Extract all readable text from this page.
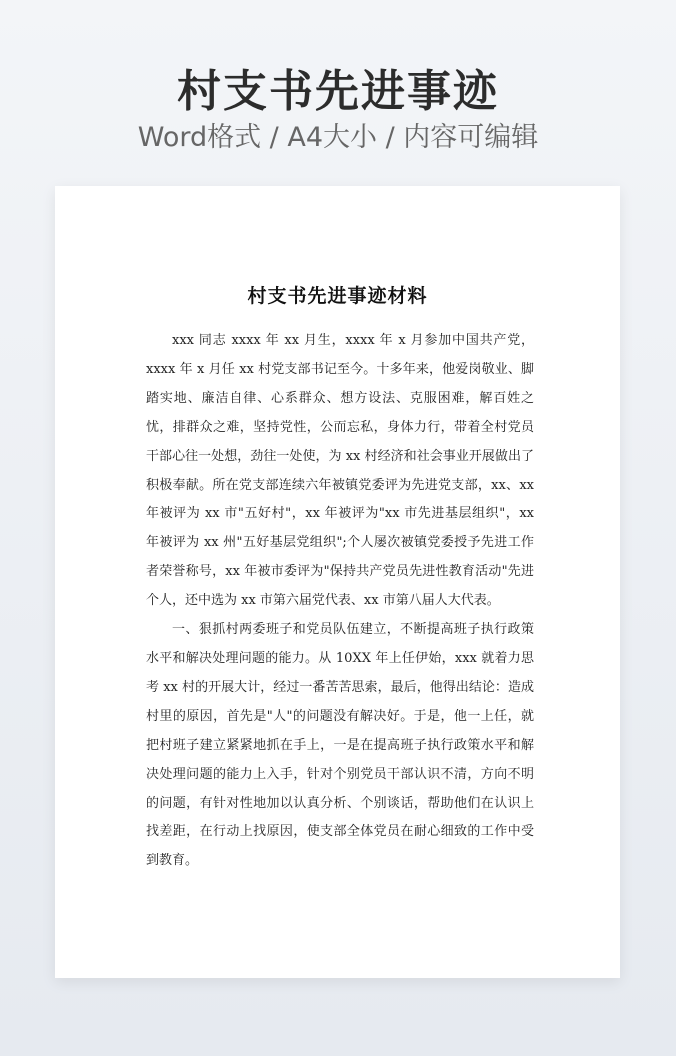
村支书先进事迹
Word格式 / A4大小 / 内容可编辑
村支书先进事迹材料

xxx 同志 xxxx 年 xx 月生，xxxx 年 x 月参加中国共产党，xxxx 年 x 月任 xx 村党支部书记至今。十多年来，他爱岗敬业、脚踏实地、廉洁自律、心系群众、想方设法、克服困难，解百姓之忧，排群众之难，坚持党性，公而忘私，身体力行，带着全村党员干部心往一处想，劲往一处使，为 xx 村经济和社会事业开展做出了积极奉献。所在党支部连续六年被镇党委评为先进党支部，xx、xx 年被评为 xx 市"五好村"，xx 年被评为"xx 市先进基层组织"，xx 年被评为 xx 州"五好基层党组织";个人屡次被镇党委授予先进工作者荣誉称号，xx 年被市委评为"保持共产党员先进性教育活动"先进个人，还中选为 xx 市第六届党代表、xx 市第八届人大代表。

一、狠抓村两委班子和党员队伍建立，不断提高班子执行政策水平和解决处理问题的能力。从 10XX 年上任伊始，xxx 就着力思考 xx 村的开展大计，经过一番苦苦思索，最后，他得出结论：造成村里的原因，首先是"人"的问题没有解决好。于是，他一上任，就把村班子建立紧紧地抓在手上，一是在提高班子执行政策水平和解决处理问题的能力上入手，针对个别党员干部认识不清，方向不明的问题，有针对性地加以认真分析、个别谈话，帮助他们在认识上找差距，在行动上找原因，使支部全体党员在耐心细致的工作中受到教育。
